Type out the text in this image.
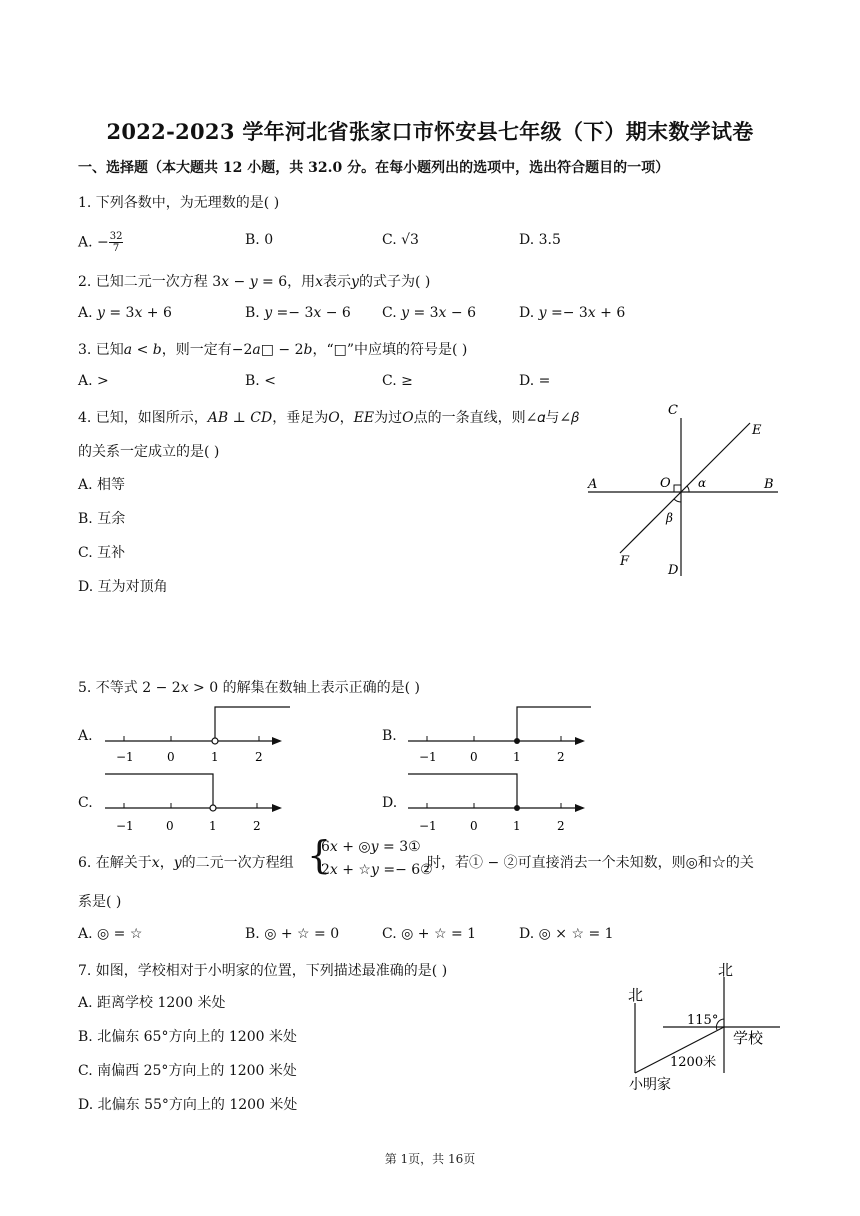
2022-2023 学年河北省张家口市怀安县七年级（下）期末数学试卷
一、选择题（本大题共 12 小题，共 32.0 分。在每小题列出的选项中，选出符合题目的一项）
1. 下列各数中，为无理数的是( )
A. − $\frac{32}{7}$	B. 0	C. √3	D. 3.5
2. 已知二元一次方程 3𝑥 − 𝑦 = 6，用𝑥表示𝑦的式子为( )
A. 𝑦 = 3𝑥 + 6	B. 𝑦 =− 3𝑥 − 6 C. 𝑦 = 3𝑥 − 6	D. 𝑦 =− 3𝑥 + 6
3. 已知𝑎 < 𝑏，则一定有−2𝑎□ − 2𝑏，“□”中应填的符号是( )
A. >	B. <	C. ≥	D. =
4. 已知，如图所示，𝐴𝐵 ⊥ 𝐶𝐷，垂足为𝑂，𝐸𝐸为过𝑂点的一条直线，则∠𝛼与∠𝛽
的关系一定成立的是( )
A. 相等
B. 互余
C. 互补
D. 互为对顶角
C
E
A	O α	B
β
F
D
5. 不等式 2 − 2𝑥 > 0 的解集在数轴上表示正确的是( )
A.
−1	0	1	2
B.
−1	0	1	2
C.
−1	0	1	2
D.
−1	0	1	2
6. 在解关于𝑥，𝑦的二元一次方程组 {
6𝑥 + ◎𝑦 = 3①
2𝑥 + ☆𝑦 =− 6②
时，若① − ②可直接消去一个未知数，则◎和☆的关
系是( )
A. ◎ = ☆	B. ◎ + ☆ = 0	C. ◎ + ☆ = 1	D. ◎ × ☆ = 1
7. 如图，学校相对于小明家的位置，下列描述最准确的是( )
A. 距离学校 1200 米处
B. 北偏东 65°方向上的 1200 米处
C. 南偏西 25°方向上的 1200 米处
D. 北偏东 55°方向上的 1200 米处
北
北
115°
学校
1200米
小明家
第 1页，共 16页
